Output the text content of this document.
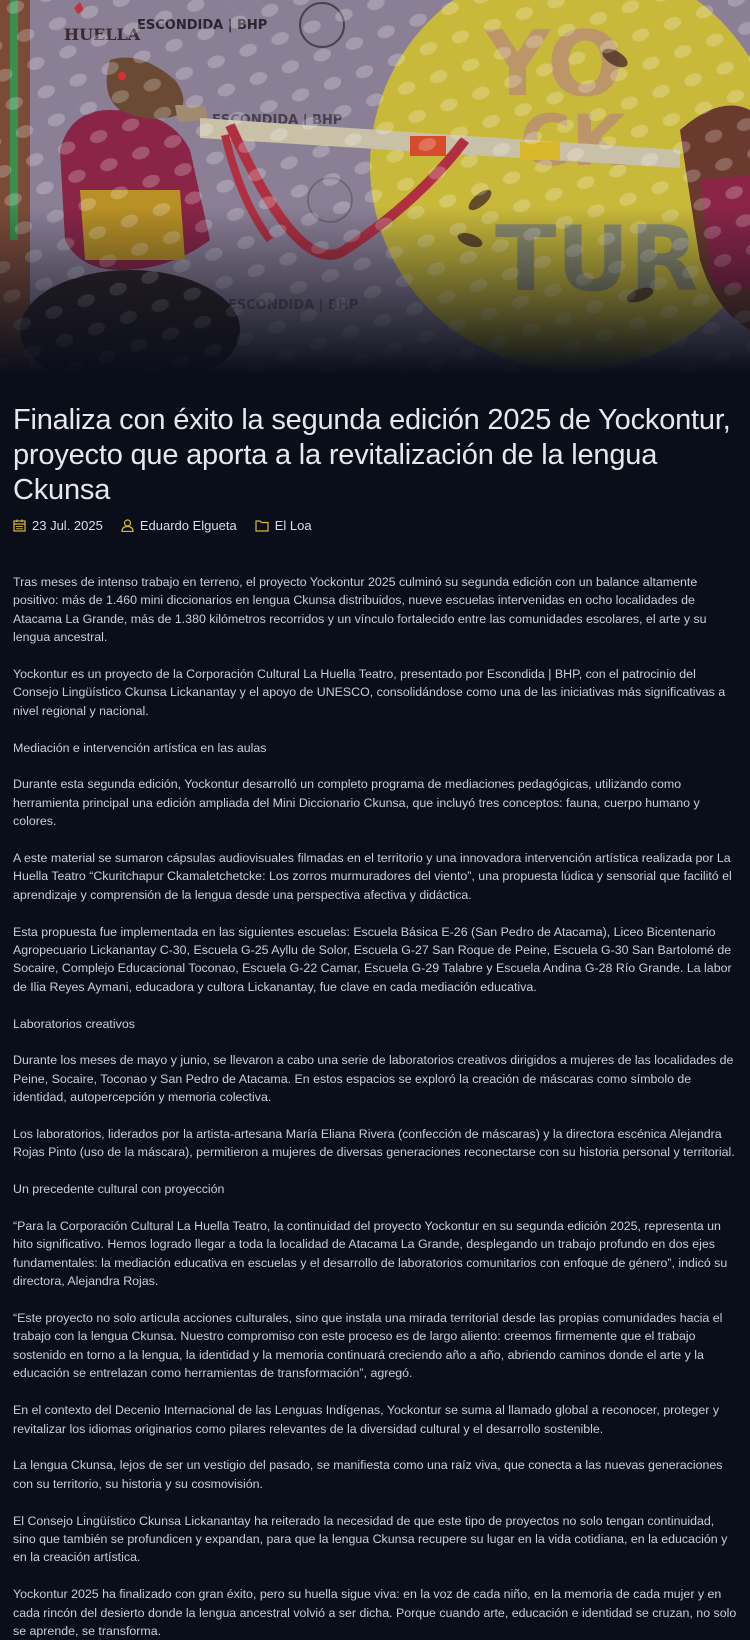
Finaliza con éxito la segunda edición 2025 de Yockontur, proyecto que aporta a la revitalización de la lengua Ckunsa
23 Jul. 2025	Eduardo Elgueta	El Loa

Tras meses de intenso trabajo en terreno, el proyecto Yockontur 2025 culminó su segunda edición con un balance altamente positivo: más de 1.460 mini diccionarios en lengua Ckunsa distribuidos, nueve escuelas intervenidas en ocho localidades de Atacama La Grande, más de 1.380 kilómetros recorridos y un vínculo fortalecido entre las comunidades escolares, el arte y su lengua ancestral.

Yockontur es un proyecto de la Corporación Cultural La Huella Teatro, presentado por Escondida | BHP, con el patrocinio del Consejo Lingüístico Ckunsa Lickanantay y el apoyo de UNESCO, consolidándose como una de las iniciativas más significativas a nivel regional y nacional.

Mediación e intervención artística en las aulas

Durante esta segunda edición, Yockontur desarrolló un completo programa de mediaciones pedagógicas, utilizando como herramienta principal una edición ampliada del Mini Diccionario Ckunsa, que incluyó tres conceptos: fauna, cuerpo humano y colores.

A este material se sumaron cápsulas audiovisuales filmadas en el territorio y una innovadora intervención artística realizada por La Huella Teatro “Ckuritchapur Ckamaletchetcke: Los zorros murmuradores del viento”, una propuesta lúdica y sensorial que facilitó el aprendizaje y comprensión de la lengua desde una perspectiva afectiva y didáctica.

Esta propuesta fue implementada en las siguientes escuelas: Escuela Básica E-26 (San Pedro de Atacama), Liceo Bicentenario Agropecuario Lickanantay C-30, Escuela G-25 Ayllu de Solor, Escuela G-27 San Roque de Peine, Escuela G-30 San Bartolomé de Socaire, Complejo Educacional Toconao, Escuela G-22 Camar, Escuela G-29 Talabre y Escuela Andina G-28 Río Grande. La labor de Ilia Reyes Aymani, educadora y cultora Lickanantay, fue clave en cada mediación educativa.

Laboratorios creativos

Durante los meses de mayo y junio, se llevaron a cabo una serie de laboratorios creativos dirigidos a mujeres de las localidades de Peine, Socaire, Toconao y San Pedro de Atacama. En estos espacios se exploró la creación de máscaras como símbolo de identidad, autopercepción y memoria colectiva.

Los laboratorios, liderados por la artista-artesana María Eliana Rivera (confección de máscaras) y la directora escénica Alejandra Rojas Pinto (uso de la máscara), permitieron a mujeres de diversas generaciones reconectarse con su historia personal y territorial.

Un precedente cultural con proyección

“Para la Corporación Cultural La Huella Teatro, la continuidad del proyecto Yockontur en su segunda edición 2025, representa un hito significativo. Hemos logrado llegar a toda la localidad de Atacama La Grande, desplegando un trabajo profundo en dos ejes fundamentales: la mediación educativa en escuelas y el desarrollo de laboratorios comunitarios con enfoque de género”, indicó su directora, Alejandra Rojas.

“Este proyecto no solo articula acciones culturales, sino que instala una mirada territorial desde las propias comunidades hacia el trabajo con la lengua Ckunsa. Nuestro compromiso con este proceso es de largo aliento: creemos firmemente que el trabajo sostenido en torno a la lengua, la identidad y la memoria continuará creciendo año a año, abriendo caminos donde el arte y la educación se entrelazan como herramientas de transformación”, agregó.

En el contexto del Decenio Internacional de las Lenguas Indígenas, Yockontur se suma al llamado global a reconocer, proteger y revitalizar los idiomas originarios como pilares relevantes de la diversidad cultural y el desarrollo sostenible.

La lengua Ckunsa, lejos de ser un vestigio del pasado, se manifiesta como una raíz viva, que conecta a las nuevas generaciones con su territorio, su historia y su cosmovisión.

El Consejo Lingüístico Ckunsa Lickanantay ha reiterado la necesidad de que este tipo de proyectos no solo tengan continuidad, sino que también se profundicen y expandan, para que la lengua Ckunsa recupere su lugar en la vida cotidiana, en la educación y en la creación artística.

Yockontur 2025 ha finalizado con gran éxito, pero su huella sigue viva: en la voz de cada niño, en la memoria de cada mujer y en cada rincón del desierto donde la lengua ancestral volvió a ser dicha. Porque cuando arte, educación e identidad se cruzan, no solo se aprende, se transforma.
